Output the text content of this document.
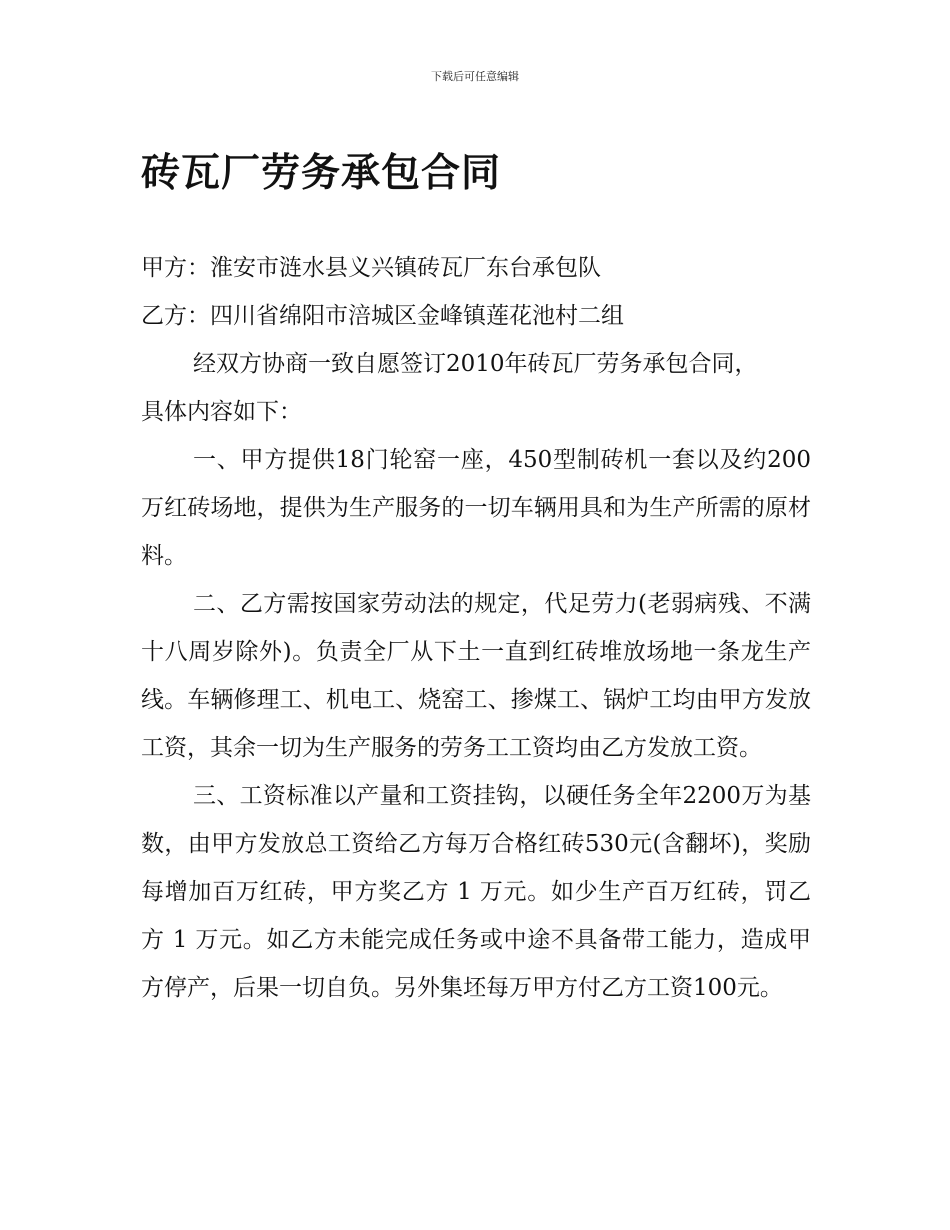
下载后可任意编辑
砖瓦厂劳务承包合同

甲方：淮安市涟水县义兴镇砖瓦厂东台承包队

乙方：四川省绵阳市涪城区金峰镇莲花池村二组

经双方协商一致自愿签订2010年砖瓦厂劳务承包合同，

具体内容如下：

一、甲方提供18门轮窑一座，450型制砖机一套以及约200万红砖场地，提供为生产服务的一切车辆用具和为生产所需的原材料。

二、乙方需按国家劳动法的规定，代足劳力(老弱病残、不满十八周岁除外)。负责全厂从下土一直到红砖堆放场地一条龙生产线。车辆修理工、机电工、烧窑工、掺煤工、锅炉工均由甲方发放工资，其余一切为生产服务的劳务工工资均由乙方发放工资。

三、工资标准以产量和工资挂钩，以硬任务全年2200万为基数，由甲方发放总工资给乙方每万合格红砖530元(含翻坏)，奖励每增加百万红砖，甲方奖乙方 1 万元。如少生产百万红砖，罚乙方 1 万元。如乙方未能完成任务或中途不具备带工能力，造成甲方停产，后果一切自负。另外集坯每万甲方付乙方工资100元。
